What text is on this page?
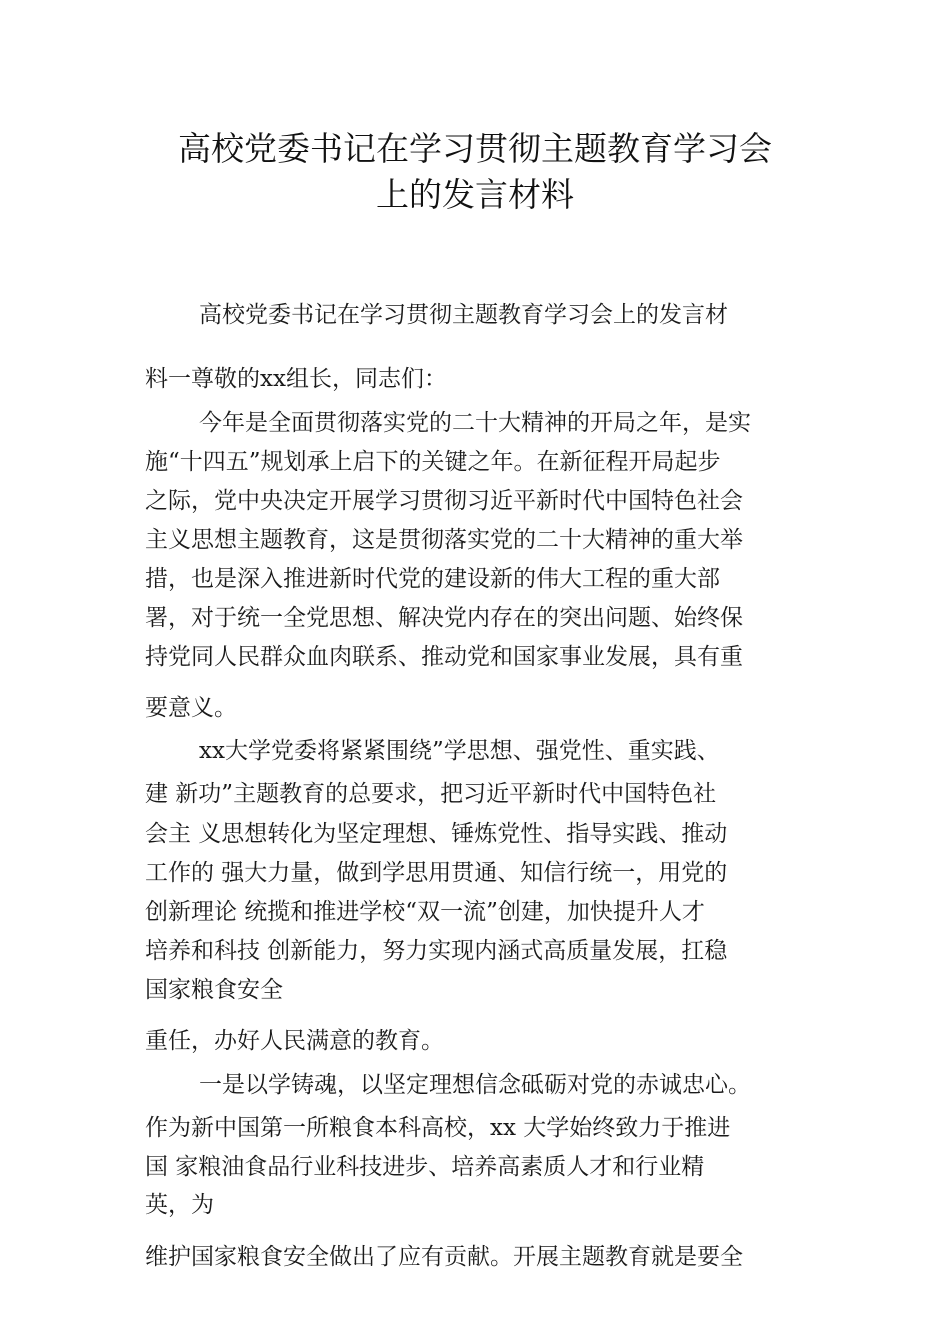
高校党委书记在学习贯彻主题教育学习会
上的发言材料
高校党委书记在学习贯彻主题教育学习会上的发言材
料一尊敬的xx组长，同志们：
今年是全面贯彻落实党的二十大精神的开局之年，是实
施“十四五”规划承上启下的关键之年。在新征程开局起步
之际，党中央决定开展学习贯彻习近平新时代中国特色社会
主义思想主题教育，这是贯彻落实党的二十大精神的重大举
措，也是深入推进新时代党的建设新的伟大工程的重大部
署，对于统一全党思想、解决党内存在的突出问题、始终保
持党同人民群众血肉联系、推动党和国家事业发展，具有重
要意义。
xx大学党委将紧紧围绕”学思想、强党性、重实践、
建 新功”主题教育的总要求，把习近平新时代中国特色社
会主 义思想转化为坚定理想、锤炼党性、指导实践、推动
工作的 强大力量，做到学思用贯通、知信行统一，用党的
创新理论 统揽和推进学校“双一流”创建，加快提升人才
培养和科技 创新能力，努力实现内涵式高质量发展，扛稳
国家粮食安全
重任，办好人民满意的教育。
一是以学铸魂，以坚定理想信念砥砺对党的赤诚忠心。
作为新中国第一所粮食本科高校，xx 大学始终致力于推进
国 家粮油食品行业科技进步、培养高素质人才和行业精
英，为
维护国家粮食安全做出了应有贡献。开展主题教育就是要全
